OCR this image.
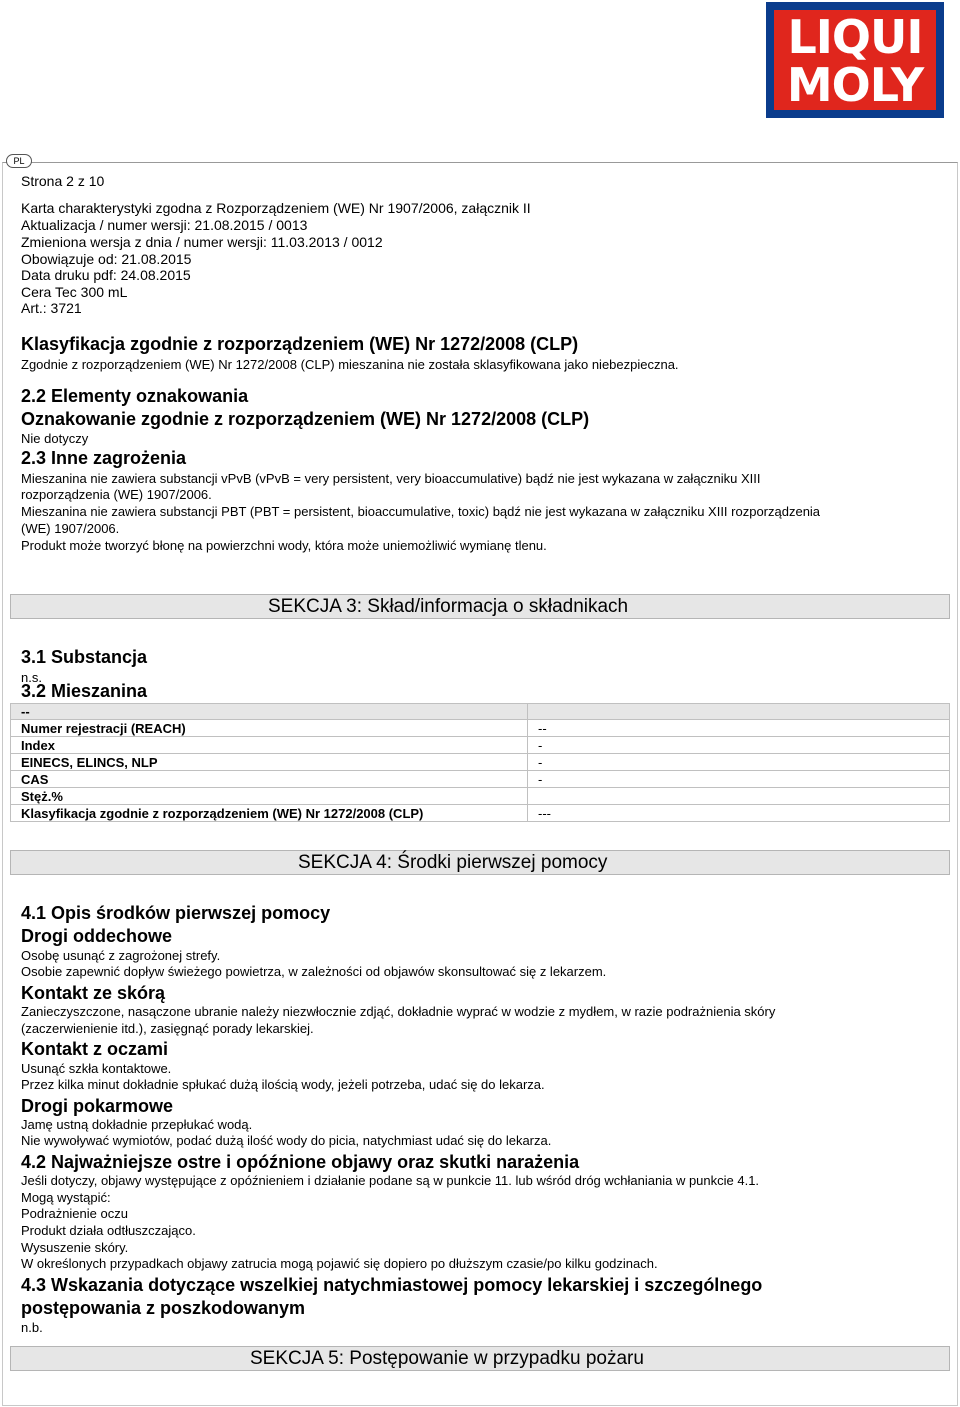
LIQUI
MOLY
PL
Strona 2 z 10
Karta charakterystyki zgodna z Rozporządzeniem (WE) Nr 1907/2006, załącznik II
Aktualizacja / numer wersji: 21.08.2015 / 0013
Zmieniona wersja z dnia / numer wersji: 11.03.2013 / 0012
Obowiązuje od: 21.08.2015
Data druku pdf: 24.08.2015
Cera Tec 300 mL
Art.: 3721
Klasyfikacja zgodnie z rozporządzeniem (WE) Nr 1272/2008 (CLP)
Zgodnie z rozporządzeniem (WE) Nr 1272/2008 (CLP) mieszanina nie została sklasyfikowana jako niebezpieczna.
2.2 Elementy oznakowania
Oznakowanie zgodnie z rozporządzeniem (WE) Nr 1272/2008 (CLP)
Nie dotyczy
2.3 Inne zagrożenia
Mieszanina nie zawiera substancji vPvB (vPvB = very persistent, very bioaccumulative) bądź nie jest wykazana w załączniku XIII
rozporządzenia (WE) 1907/2006.
Mieszanina nie zawiera substancji PBT (PBT = persistent, bioaccumulative, toxic) bądź nie jest wykazana w załączniku XIII rozporządzenia
(WE) 1907/2006.
Produkt może tworzyć błonę na powierzchni wody, która może uniemożliwić wymianę tlenu.
SEKCJA 3: Skład/informacja o składnikach
3.1 Substancja
n.s.
3.2 Mieszanina
--	
Numer rejestracji (REACH)	--
Index	-
EINECS, ELINCS, NLP	-
CAS	-
Stęż.%	
Klasyfikacja zgodnie z rozporządzeniem (WE) Nr 1272/2008 (CLP)	---
SEKCJA 4: Środki pierwszej pomocy
4.1 Opis środków pierwszej pomocy
Drogi oddechowe
Osobę usunąć z zagrożonej strefy.
Osobie zapewnić dopływ świeżego powietrza, w zależności od objawów skonsultować się z lekarzem.
Kontakt ze skórą
Zanieczyszczone, nasączone ubranie należy niezwłocznie zdjąć, dokładnie wyprać w wodzie z mydłem, w razie podrażnienia skóry
(zaczerwienienie itd.), zasięgnąć porady lekarskiej.
Kontakt z oczami
Usunąć szkła kontaktowe.
Przez kilka minut dokładnie spłukać dużą ilością wody, jeżeli potrzeba, udać się do lekarza.
Drogi pokarmowe
Jamę ustną dokładnie przepłukać wodą.
Nie wywoływać wymiotów, podać dużą ilość wody do picia, natychmiast udać się do lekarza.
4.2 Najważniejsze ostre i opóźnione objawy oraz skutki narażenia
Jeśli dotyczy, objawy występujące z opóźnieniem i działanie podane są w punkcie 11. lub wśród dróg wchłaniania w punkcie 4.1.
Mogą wystąpić:
Podrażnienie oczu
Produkt działa odtłuszczająco.
Wysuszenie skóry.
W określonych przypadkach objawy zatrucia mogą pojawić się dopiero po dłuższym czasie/po kilku godzinach.
4.3 Wskazania dotyczące wszelkiej natychmiastowej pomocy lekarskiej i szczególnego
postępowania z poszkodowanym
n.b.
SEKCJA 5: Postępowanie w przypadku pożaru
